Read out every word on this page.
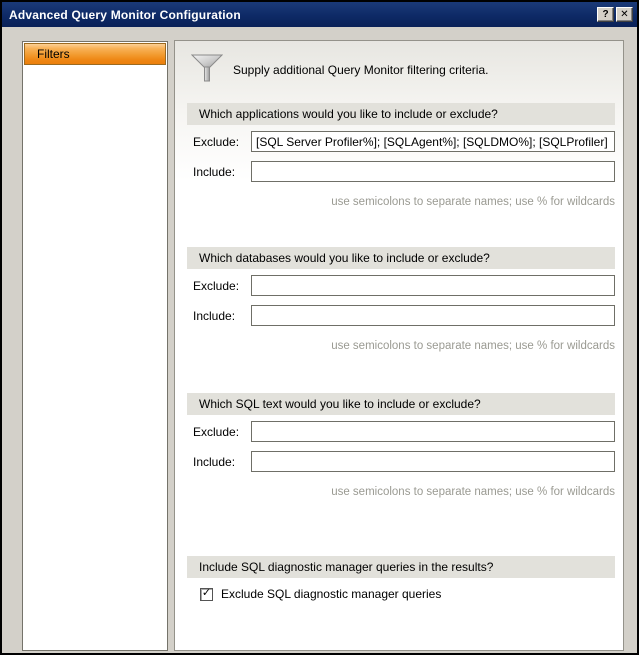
Advanced Query Monitor Configuration	?	✕
Filters
Supply additional Query Monitor filtering criteria.
Which applications would you like to include or exclude?
Exclude:
[SQL Server Profiler%]; [SQLAgent%]; [SQLDMO%]; [SQLProfiler]
Include:
use semicolons to separate names; use % for wildcards
Which databases would you like to include or exclude?
Exclude:
Include:
use semicolons to separate names; use % for wildcards
Which SQL text would you like to include or exclude?
Exclude:
Include:
use semicolons to separate names; use % for wildcards
Include SQL diagnostic manager queries in the results?
✓ Exclude SQL diagnostic manager queries
